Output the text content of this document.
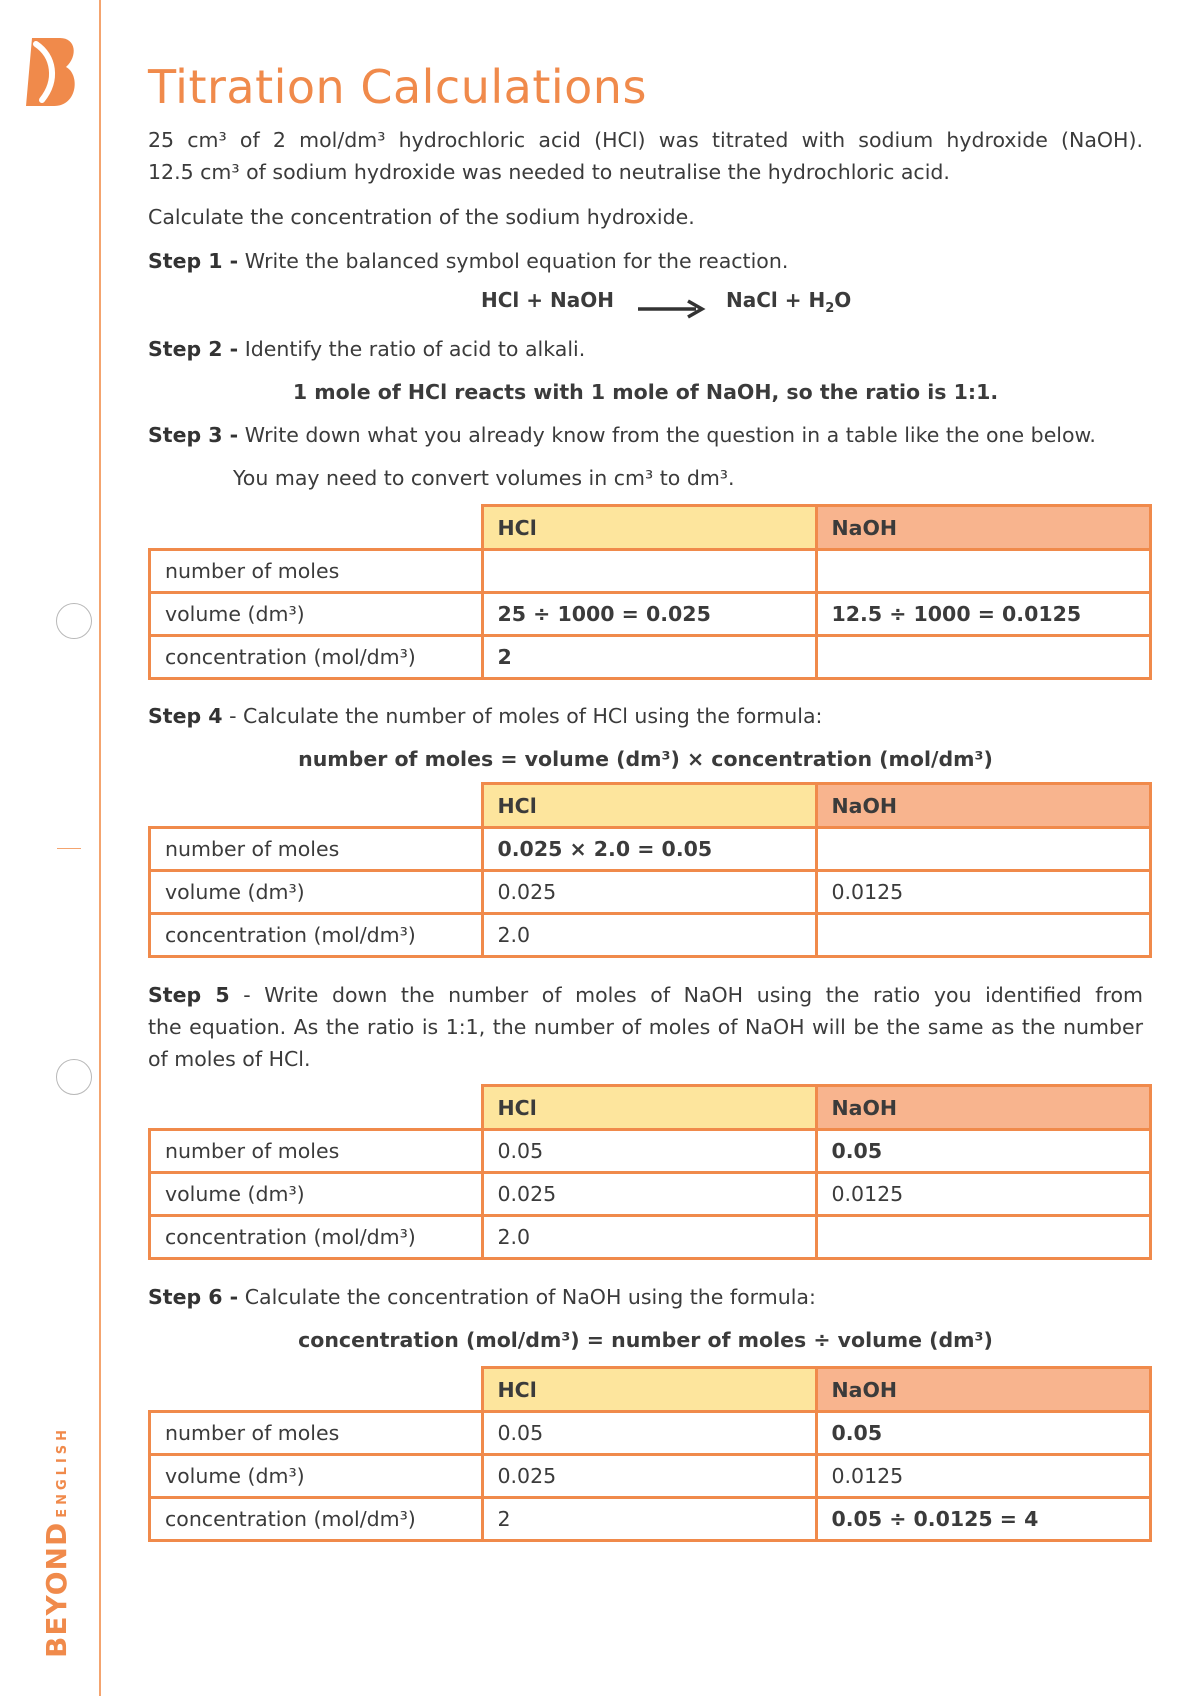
BEYONDENGLISH
Titration Calculations
25 cm³ of 2 mol/dm³ hydrochloric acid (HCl) was titrated with sodium hydroxide (NaOH).
12.5 cm³ of sodium hydroxide was needed to neutralise the hydrochloric acid.
Calculate the concentration of the sodium hydroxide.
Step 1 - Write the balanced symbol equation for the reaction.
HCl + NaOH → NaCl + $H_2O$
Step 2 - Identify the ratio of acid to alkali.
1 mole of HCl reacts with 1 mole of NaOH, so the ratio is 1:1.
Step 3 - Write down what you already know from the question in a table like the one below.
You may need to convert volumes in cm³ to dm³.
	HCl	NaOH
number of moles		
volume (dm³)	25 ÷ 1000 = 0.025	12.5 ÷ 1000 = 0.0125
concentration (mol/dm³)	2	
Step 4 - Calculate the number of moles of HCl using the formula:
number of moles = volume (dm³) × concentration (mol/dm³)
	HCl	NaOH
number of moles	0.025 × 2.0 = 0.05	
volume (dm³)	0.025	0.0125
concentration (mol/dm³)	2.0	
Step 5 - Write down the number of moles of NaOH using the ratio you identified from
the equation. As the ratio is 1:1, the number of moles of NaOH will be the same as the number
of moles of HCl.
	HCl	NaOH
number of moles	0.05	0.05
volume (dm³)	0.025	0.0125
concentration (mol/dm³)	2.0	
Step 6 - Calculate the concentration of NaOH using the formula:
concentration (mol/dm³) = number of moles ÷ volume (dm³)
	HCl	NaOH
number of moles	0.05	0.05
volume (dm³)	0.025	0.0125
concentration (mol/dm³)	2	0.05 ÷ 0.0125 = 4
